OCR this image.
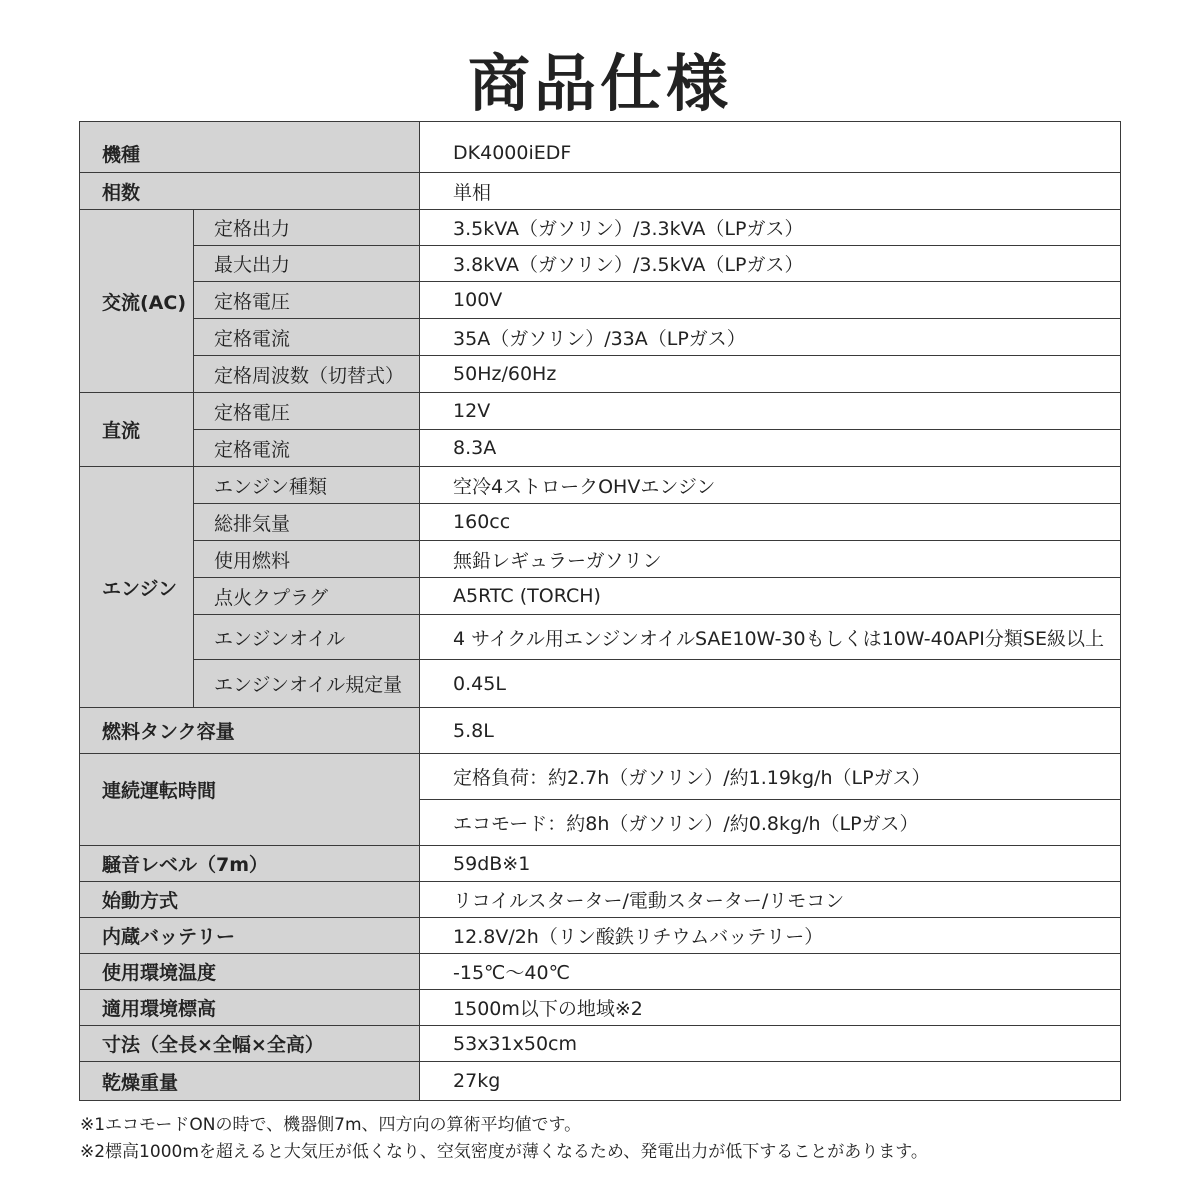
商品仕様
機種		DK4000iEDF
相数		単相
交流(AC)	定格出力	3.5kVA（ガソリン）/3.3kVA（LPガス）
	最大出力	3.8kVA（ガソリン）/3.5kVA（LPガス）
	定格電圧	100V
	定格電流	35A（ガソリン）/33A（LPガス）
	定格周波数（切替式）	50Hz/60Hz
直流	定格電圧	12V
	定格電流	8.3A
エンジン	エンジン種類	空冷4ストロークOHVエンジン
	総排気量	160cc
	使用燃料	無鉛レギュラーガソリン
	点火クプラグ	A5RTC (TORCH)
	エンジンオイル	4 サイクル用エンジンオイルSAE10W-30もしくは10W-40API分類SE級以上
	エンジンオイル規定量	0.45L
燃料タンク容量		5.8L
連続運転時間		定格負荷：約2.7h（ガソリン）/約1.19kg/h（LPガス）
		エコモード：約8h（ガソリン）/約0.8kg/h（LPガス）
騒音レベル（7m）		59dB※1
始動方式		リコイルスターター/電動スターター/リモコン
内蔵バッテリー		12.8V/2h（リン酸鉄リチウムバッテリー）
使用環境温度		-15℃～40℃
適用環境標高		1500m以下の地域※2
寸法（全長×全幅×全高）		53x31x50cm
乾燥重量		27kg
※1エコモードONの時で、機器側7m、四方向の算術平均値です。
※2標高1000mを超えると大気圧が低くなり、空気密度が薄くなるため、発電出力が低下することがあります。
